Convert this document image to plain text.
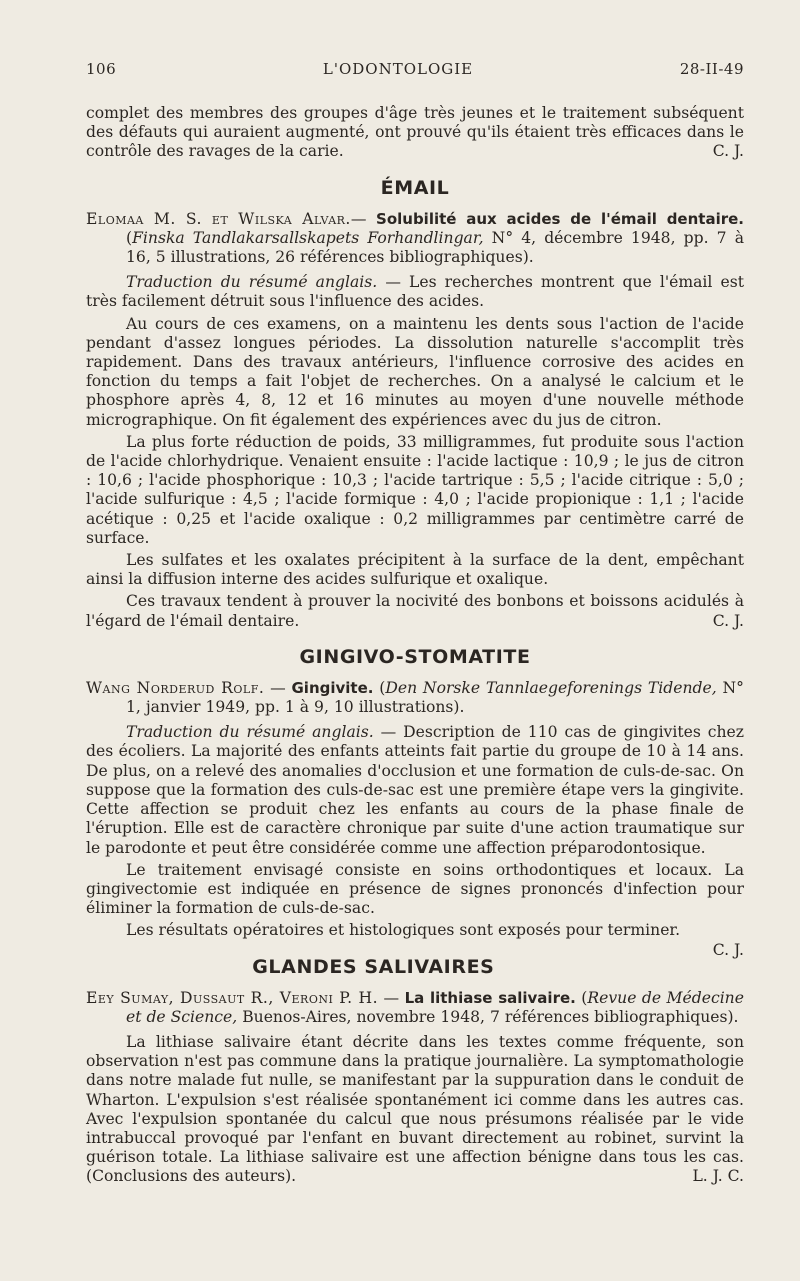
106	L'ODONTOLOGIE	28-II-49

complet des membres des groupes d'âge très jeunes et le traitement subséquent des défauts qui auraient augmenté, ont prouvé qu'ils étaient très efficaces dans le contrôle des ravages de la carie.	C. J.

ÉMAIL

Elomaa M. S. et Wilska Alvar.— Solubilité aux acides de l'émail dentaire. (Finska Tandlakarsallskapets Forhandlingar, N° 4, décembre 1948, pp. 7 à 16, 5 illustrations, 26 références bibliographiques).

Traduction du résumé anglais. — Les recherches montrent que l'émail est très facilement détruit sous l'influence des acides.

Au cours de ces examens, on a maintenu les dents sous l'action de l'acide pendant d'assez longues périodes. La dissolution naturelle s'accomplit très rapidement. Dans des travaux antérieurs, l'influence corrosive des acides en fonction du temps a fait l'objet de recherches. On a analysé le calcium et le phosphore après 4, 8, 12 et 16 minutes au moyen d'une nouvelle méthode micrographique. On fit également des expériences avec du jus de citron.

La plus forte réduction de poids, 33 milligrammes, fut produite sous l'action de l'acide chlorhydrique. Venaient ensuite : l'acide lactique : 10,9 ; le jus de citron : 10,6 ; l'acide phosphorique : 10,3 ; l'acide tartrique : 5,5 ; l'acide citrique : 5,0 ; l'acide sulfurique : 4,5 ; l'acide formique : 4,0 ; l'acide propionique : 1,1 ; l'acide acétique : 0,25 et l'acide oxalique : 0,2 milligrammes par centimètre carré de surface.

Les sulfates et les oxalates précipitent à la surface de la dent, empêchant ainsi la diffusion interne des acides sulfurique et oxalique.

Ces travaux tendent à prouver la nocivité des bonbons et boissons acidulés à l'égard de l'émail dentaire.	C. J.

GINGIVO-STOMATITE

Wang Norderud Rolf. — Gingivite. (Den Norske Tannlaegeforenings Tidende, N° 1, janvier 1949, pp. 1 à 9, 10 illustrations).

Traduction du résumé anglais. — Description de 110 cas de gingivites chez des écoliers. La majorité des enfants atteints fait partie du groupe de 10 à 14 ans. De plus, on a relevé des anomalies d'occlusion et une formation de culs-de-sac. On suppose que la formation des culs-de-sac est une première étape vers la gingivite. Cette affection se produit chez les enfants au cours de la phase finale de l'éruption. Elle est de caractère chronique par suite d'une action traumatique sur le parodonte et peut être considérée comme une affection préparodontosique.

Le traitement envisagé consiste en soins orthodontiques et locaux. La gingivectomie est indiquée en présence de signes prononcés d'infection pour éliminer la formation de culs-de-sac.

Les résultats opératoires et histologiques sont exposés pour terminer.
C. J.

GLANDES SALIVAIRES

Eey Sumay, Dussaut R., Veroni P. H. — La lithiase salivaire. (Revue de Médecine et de Science, Buenos-Aires, novembre 1948, 7 références bibliographiques).

La lithiase salivaire étant décrite dans les textes comme fréquente, son observation n'est pas commune dans la pratique journalière. La symptomathologie dans notre malade fut nulle, se manifestant par la suppuration dans le conduit de Wharton. L'expulsion s'est réalisée spontanément ici comme dans les autres cas. Avec l'expulsion spontanée du calcul que nous présumons réalisée par le vide intrabuccal provoqué par l'enfant en buvant directement au robinet, survint la guérison totale. La lithiase salivaire est une affection bénigne dans tous les cas. (Conclusions des auteurs).	L. J. C.
